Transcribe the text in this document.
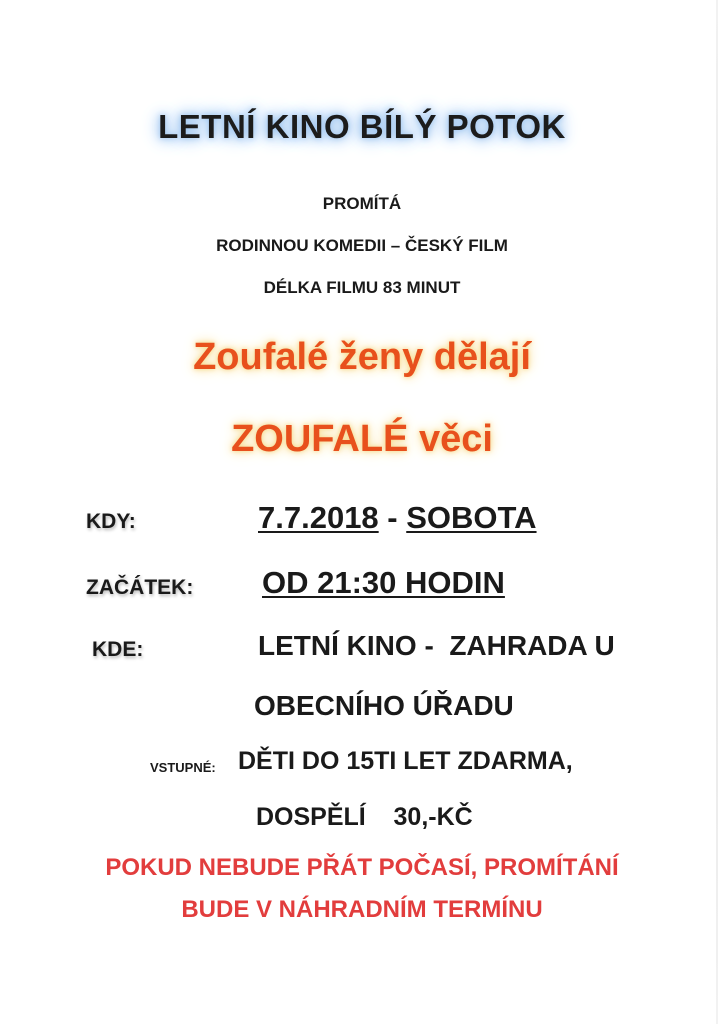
LETNÍ KINO BÍLÝ POTOK
PROMÍTÁ
RODINNOU KOMEDII – ČESKÝ FILM
DÉLKA FILMU 83 MINUT
Zoufalé ženy dělají
ZOUFALÉ věci
KDY:	7.7.2018 - SOBOTA
ZAČÁTEK: OD 21:30 HODIN
KDE:	LETNÍ KINO -  ZAHRADA U
OBECNÍHO ÚŘADU
VSTUPNÉ: DĚTI DO 15TI LET ZDARMA,
DOSPĚLÍ    30,-KČ
POKUD NEBUDE PŘÁT POČASÍ, PROMÍTÁNÍ
BUDE V NÁHRADNÍM TERMÍNU
